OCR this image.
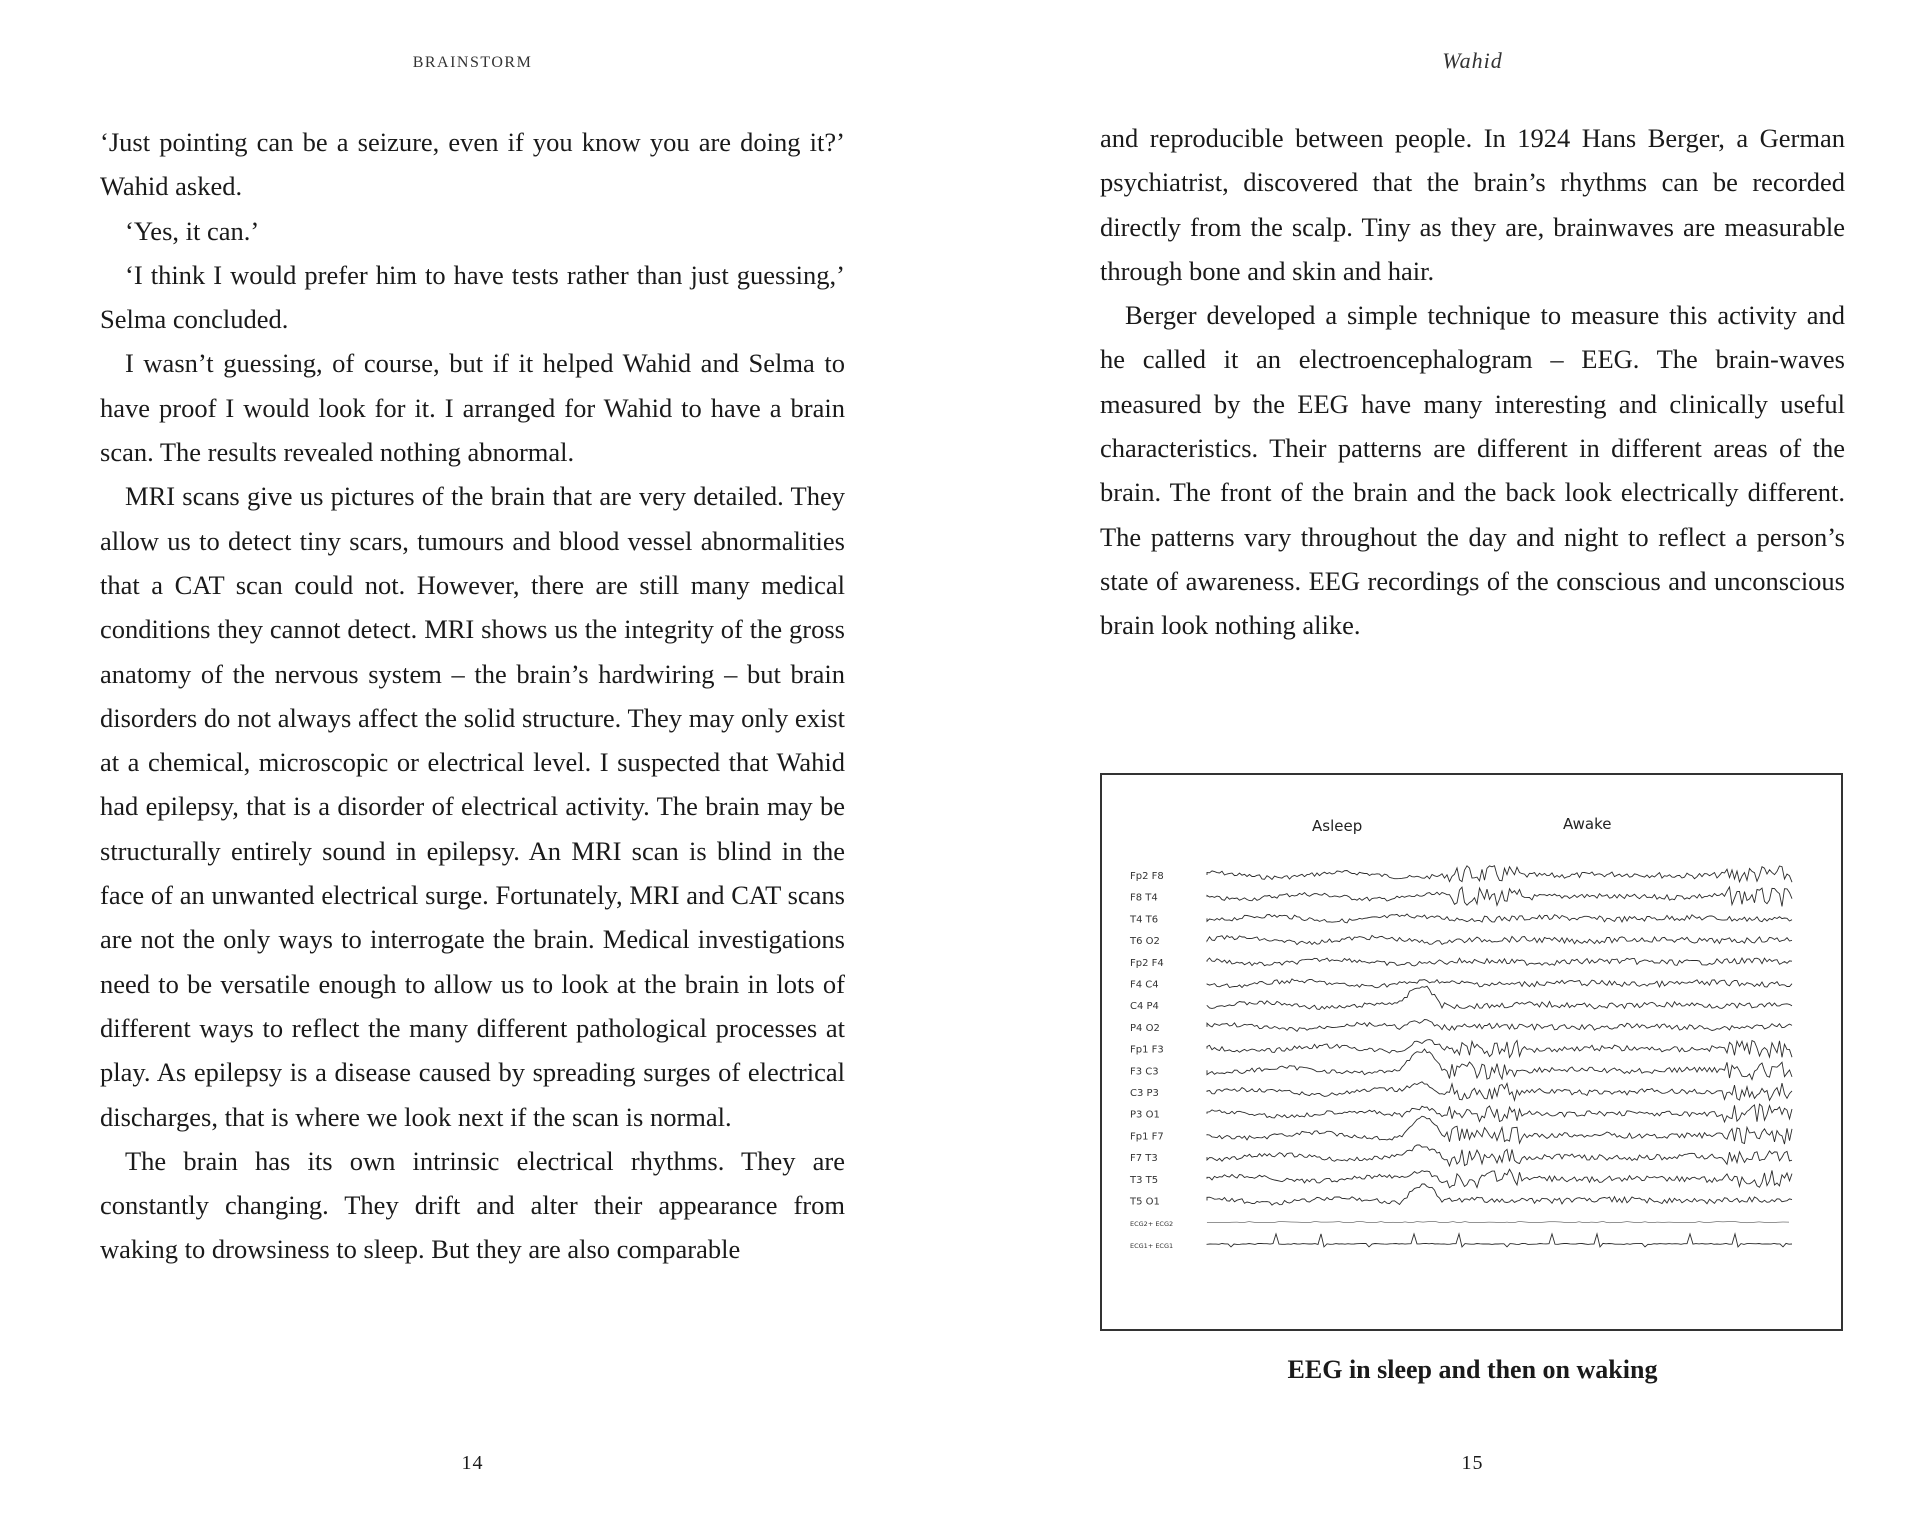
BRAINSTORM

‘Just pointing can be a seizure, even if you know you are doing it?’ Wahid asked.

‘Yes, it can.’

‘I think I would prefer him to have tests rather than just guessing,’ Selma concluded.

I wasn’t guessing, of course, but if it helped Wahid and Selma to have proof I would look for it. I arranged for Wahid to have a brain scan. The results revealed nothing abnormal.

MRI scans give us pictures of the brain that are very detailed. They allow us to detect tiny scars, tumours and blood vessel abnormalities that a CAT scan could not. However, there are still many medical conditions they cannot detect. MRI shows us the integrity of the gross anatomy of the nervous system – the brain’s hardwiring – but brain disorders do not always affect the solid structure. They may only exist at a chemical, microscopic or electrical level. I suspected that Wahid had epilepsy, that is a disorder of electrical activity. The brain may be structurally entirely sound in epilepsy. An MRI scan is blind in the face of an unwanted electrical surge. Fortunately, MRI and CAT scans are not the only ways to interrogate the brain. Medical investigations need to be versatile enough to allow us to look at the brain in lots of different ways to reflect the many different pathological processes at play. As epilepsy is a disease caused by spreading surges of electrical discharges, that is where we look next if the scan is normal.

The brain has its own intrinsic electrical rhythms. They are constantly changing. They drift and alter their appearance from waking to drowsiness to sleep. But they are also comparable

14
Wahid

and reproducible between people. In 1924 Hans Berger, a German psychiatrist, discovered that the brain’s rhythms can be recorded directly from the scalp. Tiny as they are, brainwaves are measurable through bone and skin and hair.

Berger developed a simple technique to measure this activity and he called it an electroencephalogram – EEG. The brain-waves measured by the EEG have many interesting and clinically useful characteristics. Their patterns are different in different areas of the brain. The front of the brain and the back look electrically different. The patterns vary throughout the day and night to reflect a person’s state of awareness. EEG recordings of the conscious and unconscious brain look nothing alike.

Asleep	Awake
Fp2 F8
F8 T4
T4 T6
T6 O2
Fp2 F4
F4 C4
C4 P4
P4 O2
Fp1 F3
F3 C3
C3 P3
P3 O1
Fp1 F7
F7 T3
T3 T5
T5 O1
ECG2+ ECG2
ECG1+ ECG1
EEG in sleep and then on waking
15
